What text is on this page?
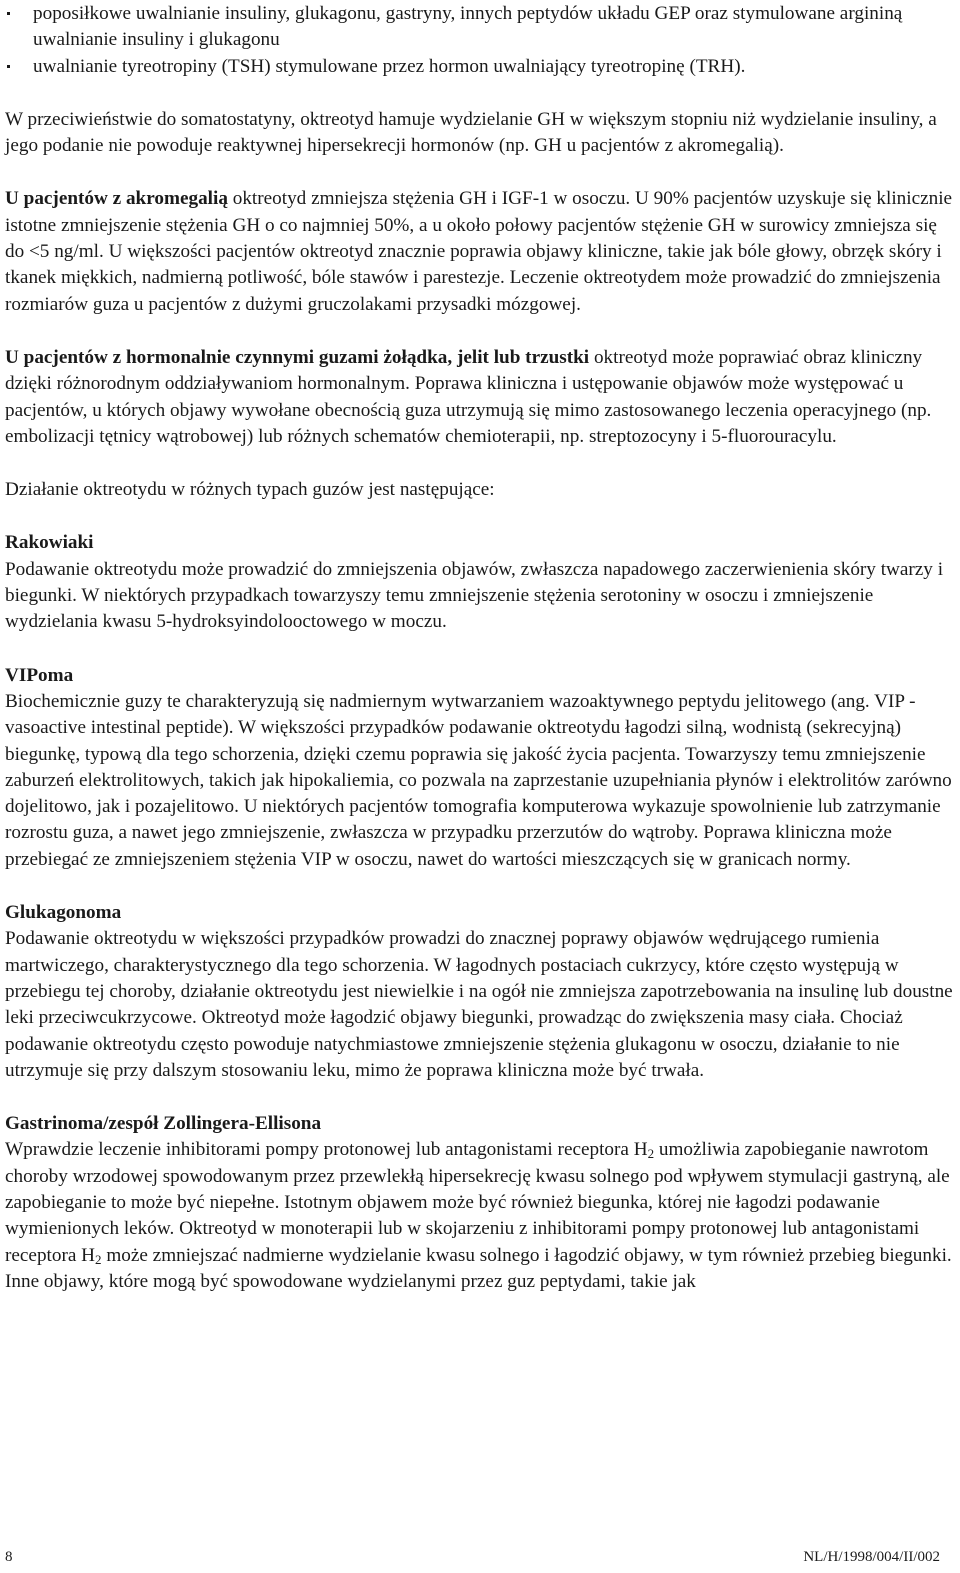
poposiłkowe uwalnianie insuliny, glukagonu, gastryny, innych peptydów układu GEP oraz stymulowane argininą uwalnianie insuliny i glukagonu
uwalnianie tyreotropiny (TSH) stymulowane przez hormon uwalniający tyreotropinę (TRH).

W przeciwieństwie do somatostatyny, oktreotyd hamuje wydzielanie GH w większym stopniu niż wydzielanie insuliny, a jego podanie nie powoduje reaktywnej hipersekrecji hormonów (np. GH u pacjentów z akromegalią).

U pacjentów z akromegalią oktreotyd zmniejsza stężenia GH i IGF-1 w osoczu. U 90% pacjentów uzyskuje się klinicznie istotne zmniejszenie stężenia GH o co najmniej 50%, a u około połowy pacjentów stężenie GH w surowicy zmniejsza się do <5 ng/ml. U większości pacjentów oktreotyd znacznie poprawia objawy kliniczne, takie jak bóle głowy, obrzęk skóry i tkanek miękkich, nadmierną potliwość, bóle stawów i parestezje. Leczenie oktreotydem może prowadzić do zmniejszenia rozmiarów guza u pacjentów z dużymi gruczolakami przysadki mózgowej.

U pacjentów z hormonalnie czynnymi guzami żołądka, jelit lub trzustki oktreotyd może poprawiać obraz kliniczny dzięki różnorodnym oddziaływaniom hormonalnym. Poprawa kliniczna i ustępowanie objawów może występować u pacjentów, u których objawy wywołane obecnością guza utrzymują się mimo zastosowanego leczenia operacyjnego (np. embolizacji tętnicy wątrobowej) lub różnych schematów chemioterapii, np. streptozocyny i 5-fluorouracylu.

Działanie oktreotydu w różnych typach guzów jest następujące:

Rakowiaki

Podawanie oktreotydu może prowadzić do zmniejszenia objawów, zwłaszcza napadowego zaczerwienienia skóry twarzy i biegunki. W niektórych przypadkach towarzyszy temu zmniejszenie stężenia serotoniny w osoczu i zmniejszenie wydzielania kwasu 5-hydroksyindolooctowego w moczu.

VIPoma

Biochemicznie guzy te charakteryzują się nadmiernym wytwarzaniem wazoaktywnego peptydu jelitowego (ang. VIP - vasoactive intestinal peptide). W większości przypadków podawanie oktreotydu łagodzi silną, wodnistą (sekrecyjną) biegunkę, typową dla tego schorzenia, dzięki czemu poprawia się jakość życia pacjenta. Towarzyszy temu zmniejszenie zaburzeń elektrolitowych, takich jak hipokaliemia, co pozwala na zaprzestanie uzupełniania płynów i elektrolitów zarówno dojelitowo, jak i pozajelitowo. U niektórych pacjentów tomografia komputerowa wykazuje spowolnienie lub zatrzymanie rozrostu guza, a nawet jego zmniejszenie, zwłaszcza w przypadku przerzutów do wątroby. Poprawa kliniczna może przebiegać ze zmniejszeniem stężenia VIP w osoczu, nawet do wartości mieszczących się w granicach normy.

Glukagonoma

Podawanie oktreotydu w większości przypadków prowadzi do znacznej poprawy objawów wędrującego rumienia martwiczego, charakterystycznego dla tego schorzenia. W łagodnych postaciach cukrzycy, które często występują w przebiegu tej choroby, działanie oktreotydu jest niewielkie i na ogół nie zmniejsza zapotrzebowania na insulinę lub doustne leki przeciwcukrzycowe. Oktreotyd może łagodzić objawy biegunki, prowadząc do zwiększenia masy ciała. Chociaż podawanie oktreotydu często powoduje natychmiastowe zmniejszenie stężenia glukagonu w osoczu, działanie to nie utrzymuje się przy dalszym stosowaniu leku, mimo że poprawa kliniczna może być trwała.

Gastrinoma/zespół Zollingera-Ellisona

Wprawdzie leczenie inhibitorami pompy protonowej lub antagonistami receptora $H_2$ umożliwia zapobieganie nawrotom choroby wrzodowej spowodowanym przez przewlekłą hipersekrecję kwasu solnego pod wpływem stymulacji gastryną, ale zapobieganie to może być niepełne. Istotnym objawem może być również biegunka, której nie łagodzi podawanie wymienionych leków. Oktreotyd w monoterapii lub w skojarzeniu z inhibitorami pompy protonowej lub antagonistami receptora $H_2$ może zmniejszać nadmierne wydzielanie kwasu solnego i łagodzić objawy, w tym również przebieg biegunki. Inne objawy, które mogą być spowodowane wydzielanymi przez guz peptydami, takie jak

8	NL/H/1998/004/II/002
